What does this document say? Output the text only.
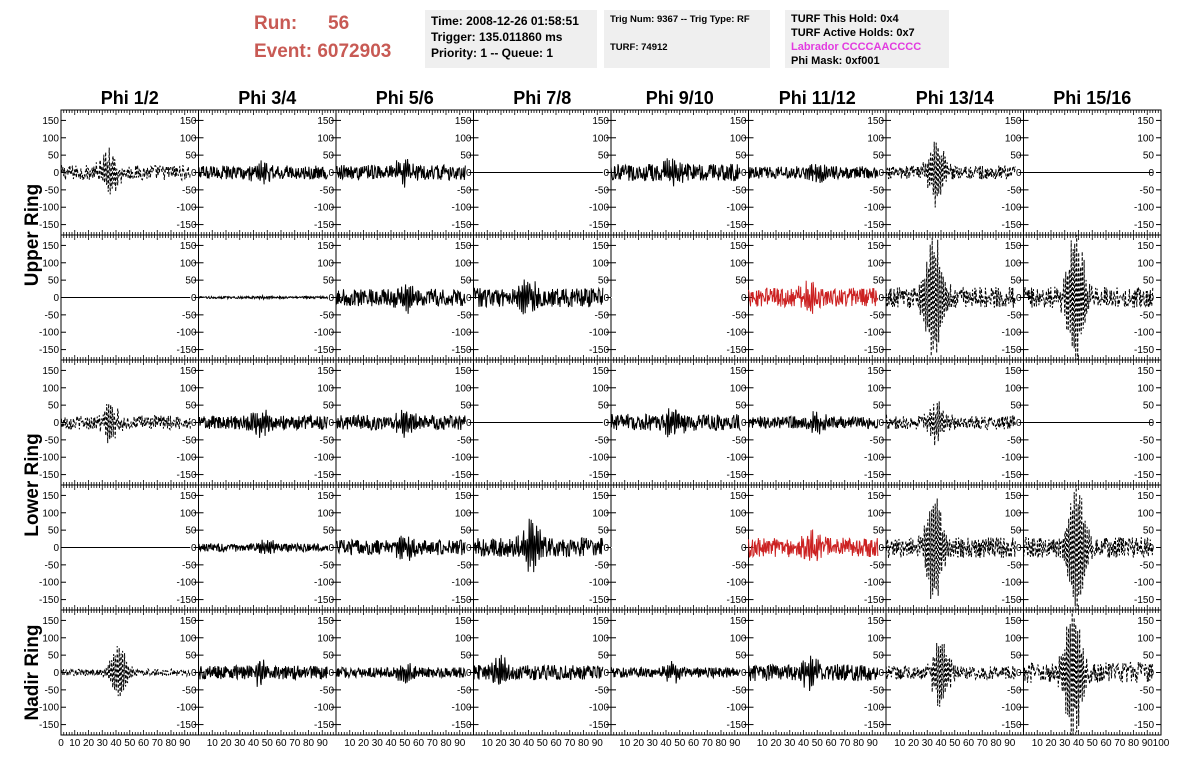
Run: 56
Event: 6072903
Time: 2008-12-26 01:58:51
Trigger: 135.011860 ms
Priority: 1 -- Queue: 1
Trig Num: 9367 -- Trig Type: RF
TURF: 74912
TURF This Hold: 0x4
TURF Active Holds: 0x7
Labrador CCCCAACCCC
Phi Mask: 0xf001
Phi 1/2	Phi 3/4	Phi 5/6	Phi 7/8	Phi 9/10	Phi 11/12	Phi 13/14	Phi 15/16
Upper Ring
Lower Ring
Nadir Ring
-150
-100
-50
0
50
100
150
-150
-100
-50
0
50
100
150
-150
-100
-50
0
50
100
150
-150
-100
-50
0
50
100
150
-150
-100
-50
0
50
100
150
-150
-100
-50
0
50
100
150
-150
-100
-50
0
50
100
150
-150	-150
-100	-100
-50	-50
0	0
50	50
100	100
150	150
-150
-100
-50
0
50
100
150
-150
-100
-50
0
50
100
150
-150
-100
-50
0
50
100
150
-150
-100
-50
0
50
100
150
-150
-100
-50
0
50
100
150
-150
-100
-50
0
50
100
150
-150
-100
-50
0
50
100
150
-150	-150
-100	-100
-50	-50
0	0
50	50
100	100
150	150
-150
-100
-50
0
50
100
150
-150
-100
-50
0
50
100
150
-150
-100
-50
0
50
100
150
-150
-100
-50
0
50
100
150
-150
-100
-50
0
50
100
150
-150
-100
-50
0
50
100
150
-150
-100
-50
0
50
100
150
-150	-150
-100	-100
-50	-50
0	0
50	50
100	100
150	150
-150
-100
-50
0
50
100
150
-150
-100
-50
0
50
100
150
-150
-100
-50
0
50
100
150
-150
-100
-50
0
50
100
150
-150
-100
-50
0
50
100
150
-150
-100
-50
0
50
100
150
-150
-100
-50
0
50
100
150
-150	-150
-100	-100
-50	-50
0	0
50	50
100	100
150	150
-150
-100
-50
0
50
100
150
-150
-100
-50
0
50
100
150
-150
-100
-50
0
50
100
150
-150
-100
-50
0
50
100
150
-150
-100
-50
0
50
100
150
-150
-100
-50
0
50
100
150
-150
-100
-50
0
50
100
150
-150	-150
-100	-100
-50	-50
0	0
50	50
100	100
150	150
0 10 20 30 40 50 60 70 80 90 10 20 30 40 50 60 70 80 90 10 20 30 40 50 60 70 80 90 10 20 30 40 50 60 70 80 90 10 20 30 40 50 60 70 80 90 10 20 30 40 50 60 70 80 90 10 20 30 40 50 60 70 80 90 10 20 30 40 50 60 70 80 90 100
